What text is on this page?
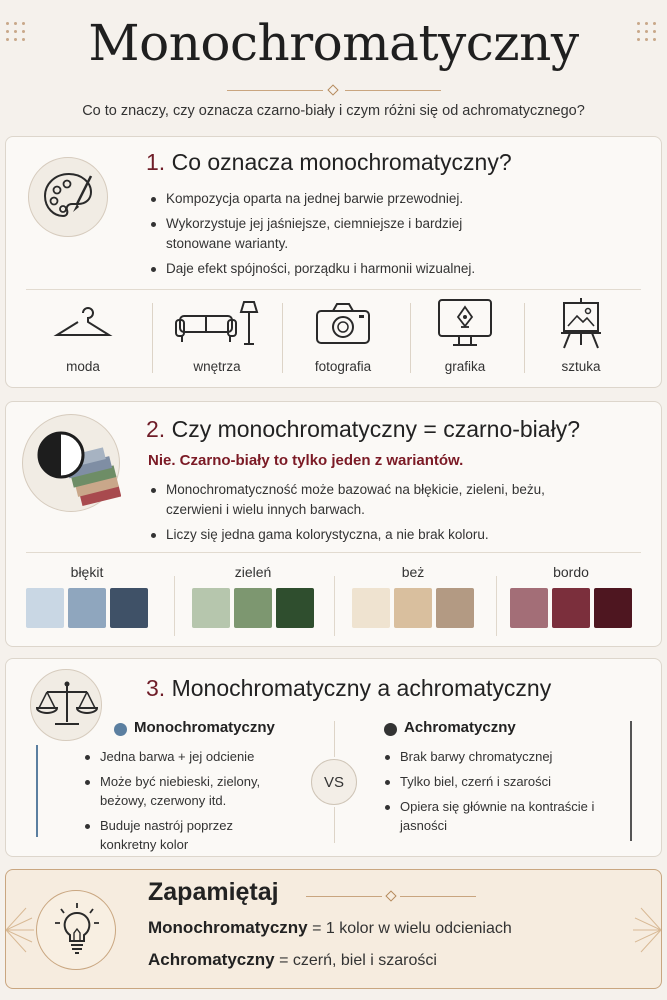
Monochromatyczny
Co to znaczy, czy oznacza czarno-biały i czym różni się od achromatycznego?
1. Co oznacza monochromatyczny?
Kompozycja oparta na jednej barwie przewodniej.
Wykorzystuje jej jaśniejsze, ciemniejsze i bardziej stonowane warianty.
Daje efekt spójności, porządku i harmonii wizualnej.
moda	wnętrza	fotografia	grafika	sztuka
2. Czy monochromatyczny = czarno-biały?
Nie. Czarno-biały to tylko jeden z wariantów.
Monochromatyczność może bazować na błękicie, zieleni, beżu, czerwieni i wielu innych barwach.
Liczy się jedna gama kolorystyczna, a nie brak koloru.
błękit	zieleń	beż	bordo
3. Monochromatyczny a achromatyczny
Monochromatyczny
Jedna barwa + jej odcienie
Może być niebieski, zielony, beżowy, czerwony itd.
Buduje nastrój poprzez konkretny kolor
VS
Achromatyczny
Brak barwy chromatycznej
Tylko biel, czerń i szarości
Opiera się głównie na kontraście i jasności
Zapamiętaj
Monochromatyczny = 1 kolor w wielu odcieniach
Achromatyczny = czerń, biel i szarości
